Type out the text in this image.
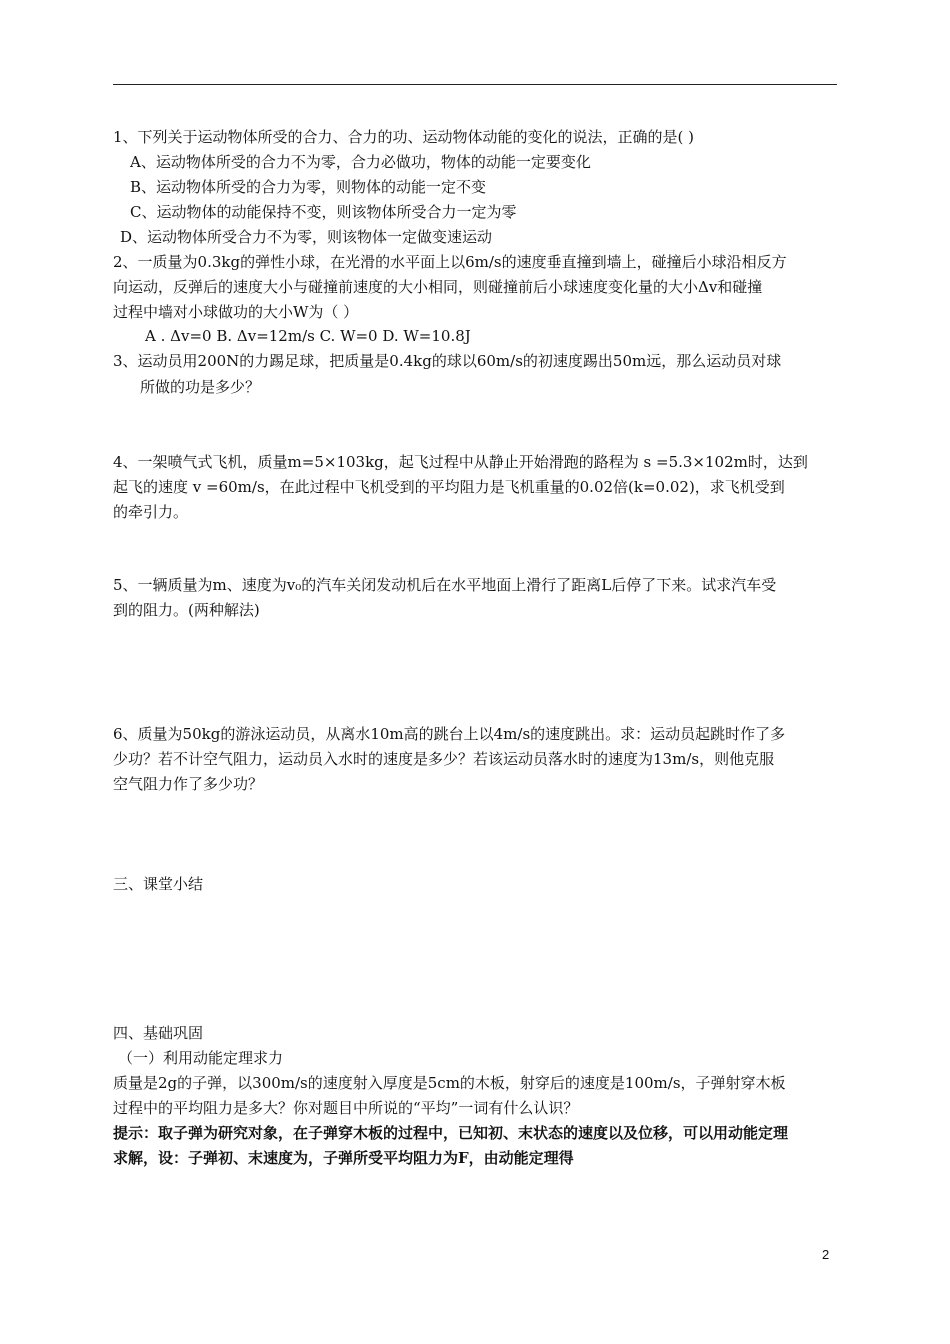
1、下列关于运动物体所受的合力、合力的功、运动物体动能的变化的说法，正确的是( )
A、运动物体所受的合力不为零，合力必做功，物体的动能一定要变化
B、运动物体所受的合力为零，则物体的动能一定不变
C、运动物体的动能保持不变，则该物体所受合力一定为零
D、运动物体所受合力不为零，则该物体一定做变速运动
2、一质量为0.3kg的弹性小球，在光滑的水平面上以6m/s的速度垂直撞到墙上，碰撞后小球沿相反方
向运动，反弹后的速度大小与碰撞前速度的大小相同，则碰撞前后小球速度变化量的大小Δv和碰撞
过程中墙对小球做功的大小W为（ ）
A . Δv=0 B. Δv=12m/s C. W=0 D. W=10.8J
3、运动员用200N的力踢足球，把质量是0.4kg的球以60m/s的初速度踢出50m远，那么运动员对球
所做的功是多少？
4、一架喷气式飞机，质量m=5×103kg，起飞过程中从静止开始滑跑的路程为 s =5.3×102m时，达到
起飞的速度 v =60m/s，在此过程中飞机受到的平均阻力是飞机重量的0.02倍(k=0.02)，求飞机受到
的牵引力。
5、一辆质量为m、速度为v₀的汽车关闭发动机后在水平地面上滑行了距离L后停了下来。试求汽车受
到的阻力。(两种解法)
6、质量为50kg的游泳运动员，从离水10m高的跳台上以4m/s的速度跳出。求：运动员起跳时作了多
少功？若不计空气阻力，运动员入水时的速度是多少？若该运动员落水时的速度为13m/s，则他克服
空气阻力作了多少功？
三、课堂小结
四、基础巩固
（一）利用动能定理求力
质量是2g的子弹，以300m/s的速度射入厚度是5cm的木板，射穿后的速度是100m/s，子弹射穿木板
过程中的平均阻力是多大？你对题目中所说的“平均”一词有什么认识？
提示：取子弹为研究对象，在子弹穿木板的过程中，已知初、末状态的速度以及位移，可以用动能定理
求解，设：子弹初、末速度为，子弹所受平均阻力为F，由动能定理得
2
